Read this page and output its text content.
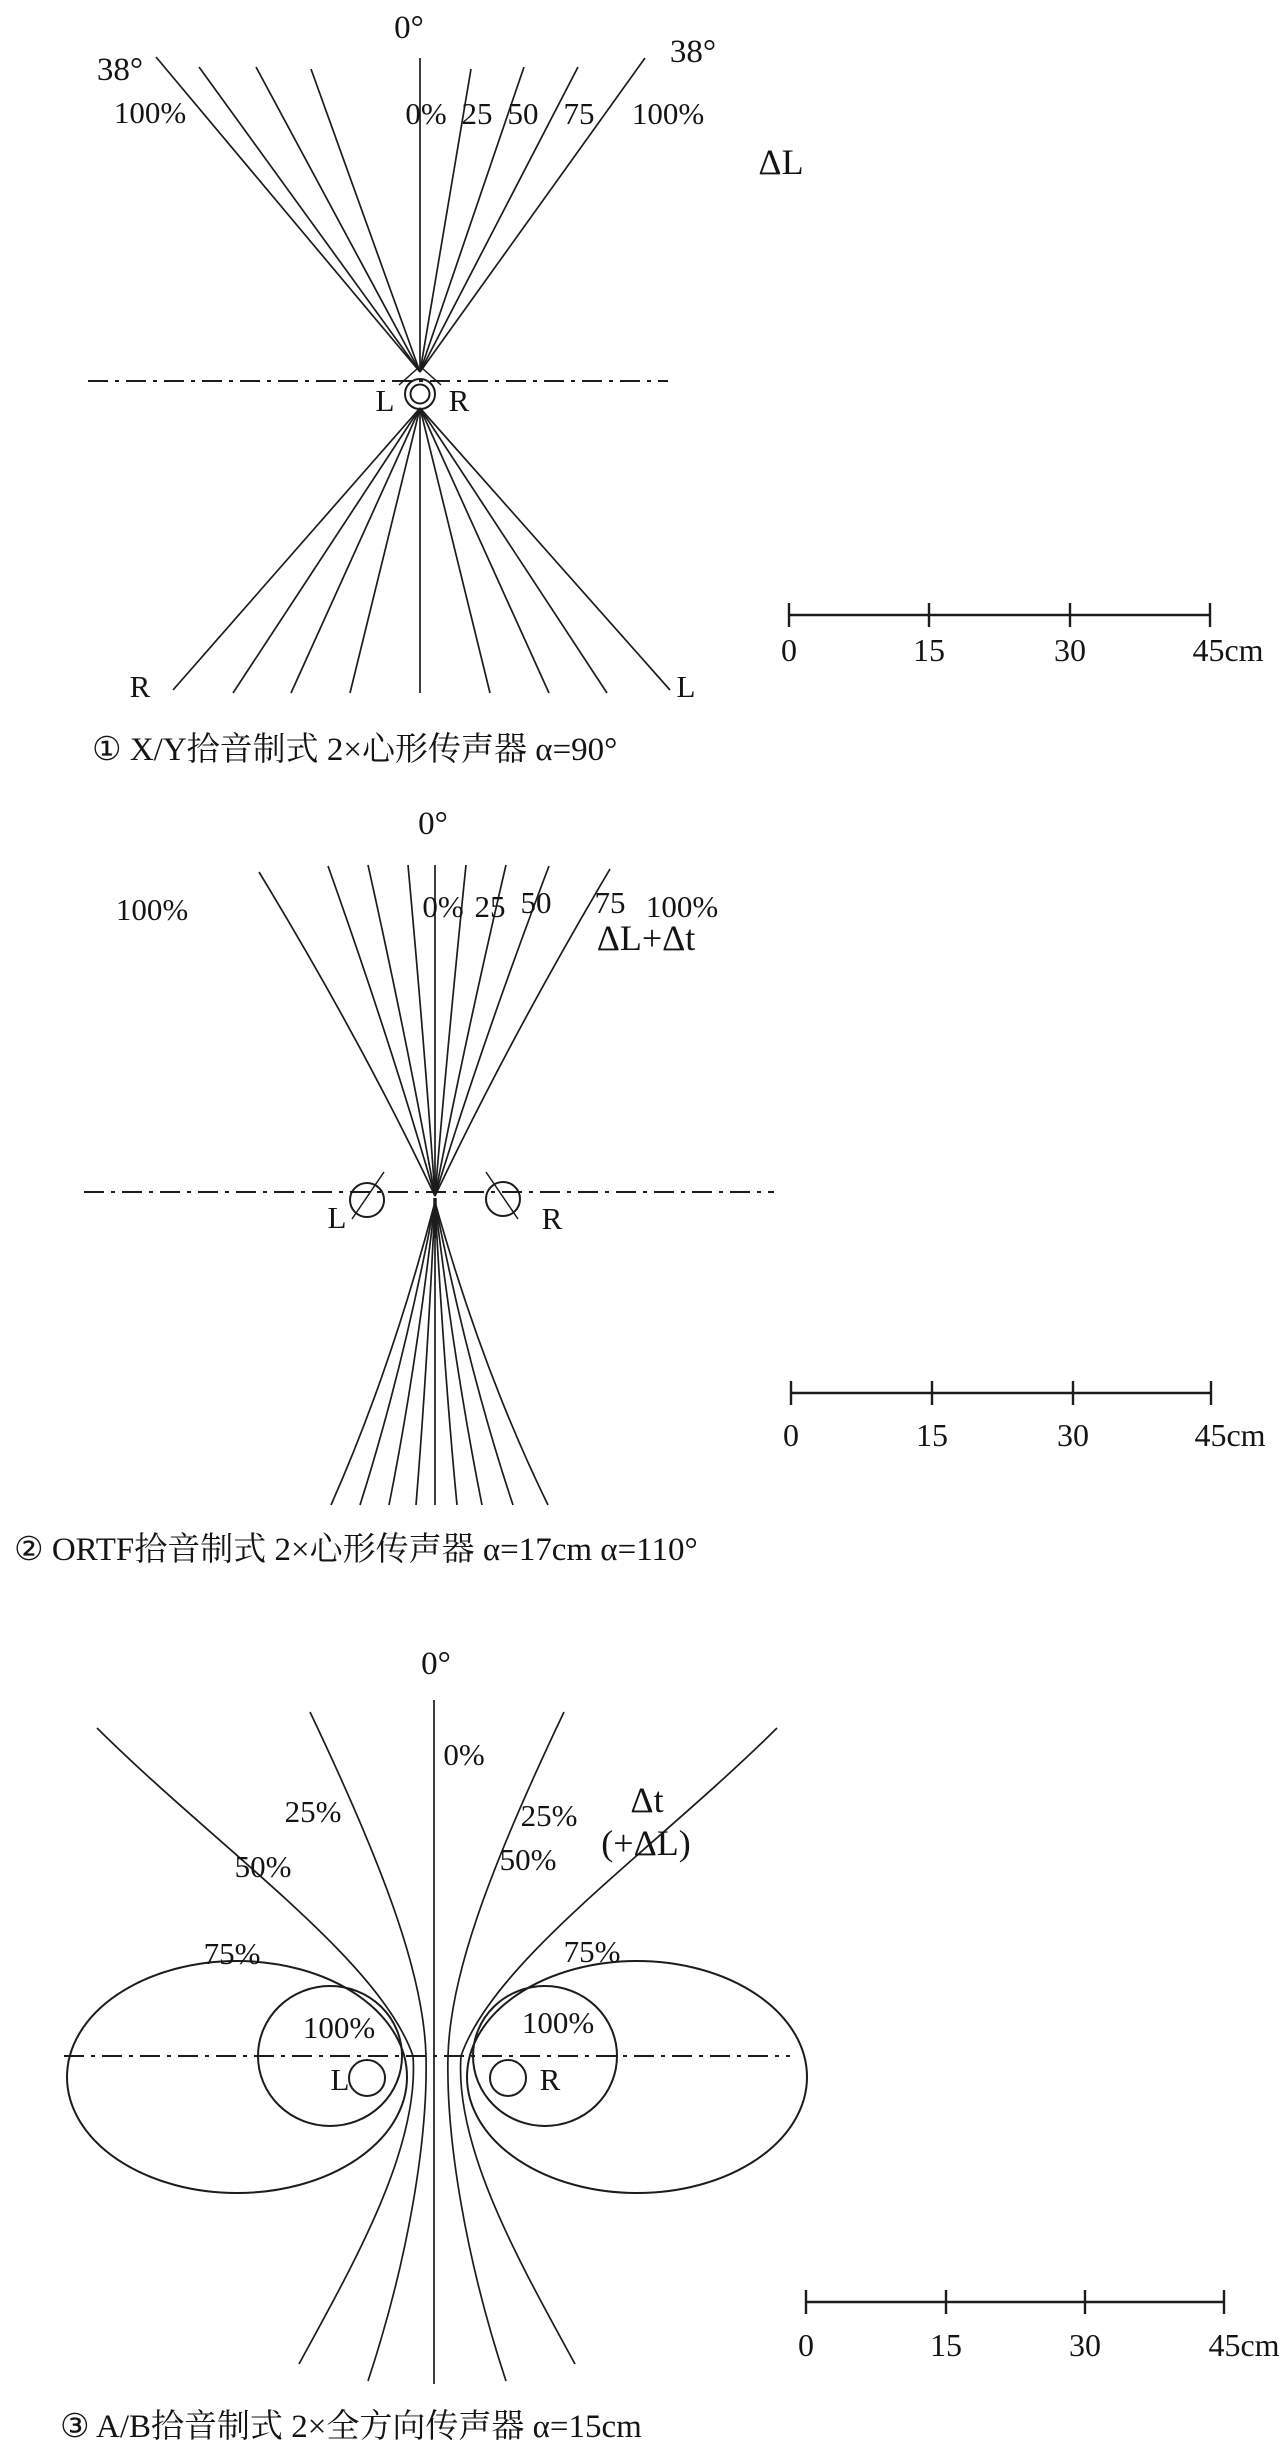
0°
38°	38°
100%	0% 25 50 75 100%
L R
R	L
ΔL
0	15	30	45cm
① X/Y拾音制式 2×心形传声器 α=90°
0°
100%	0% 25 50 75 100%
L	R
ΔL+Δt
0	15	30	45cm
② ORTF拾音制式 2×心形传声器 α=17cm α=110°
0°
0%
25%
50%
25%
50%
75%	75%
100%	100%
L	R
Δt
(+ΔL)
0	15	30	45cm
③ A/B拾音制式 2×全方向传声器 α=15cm
